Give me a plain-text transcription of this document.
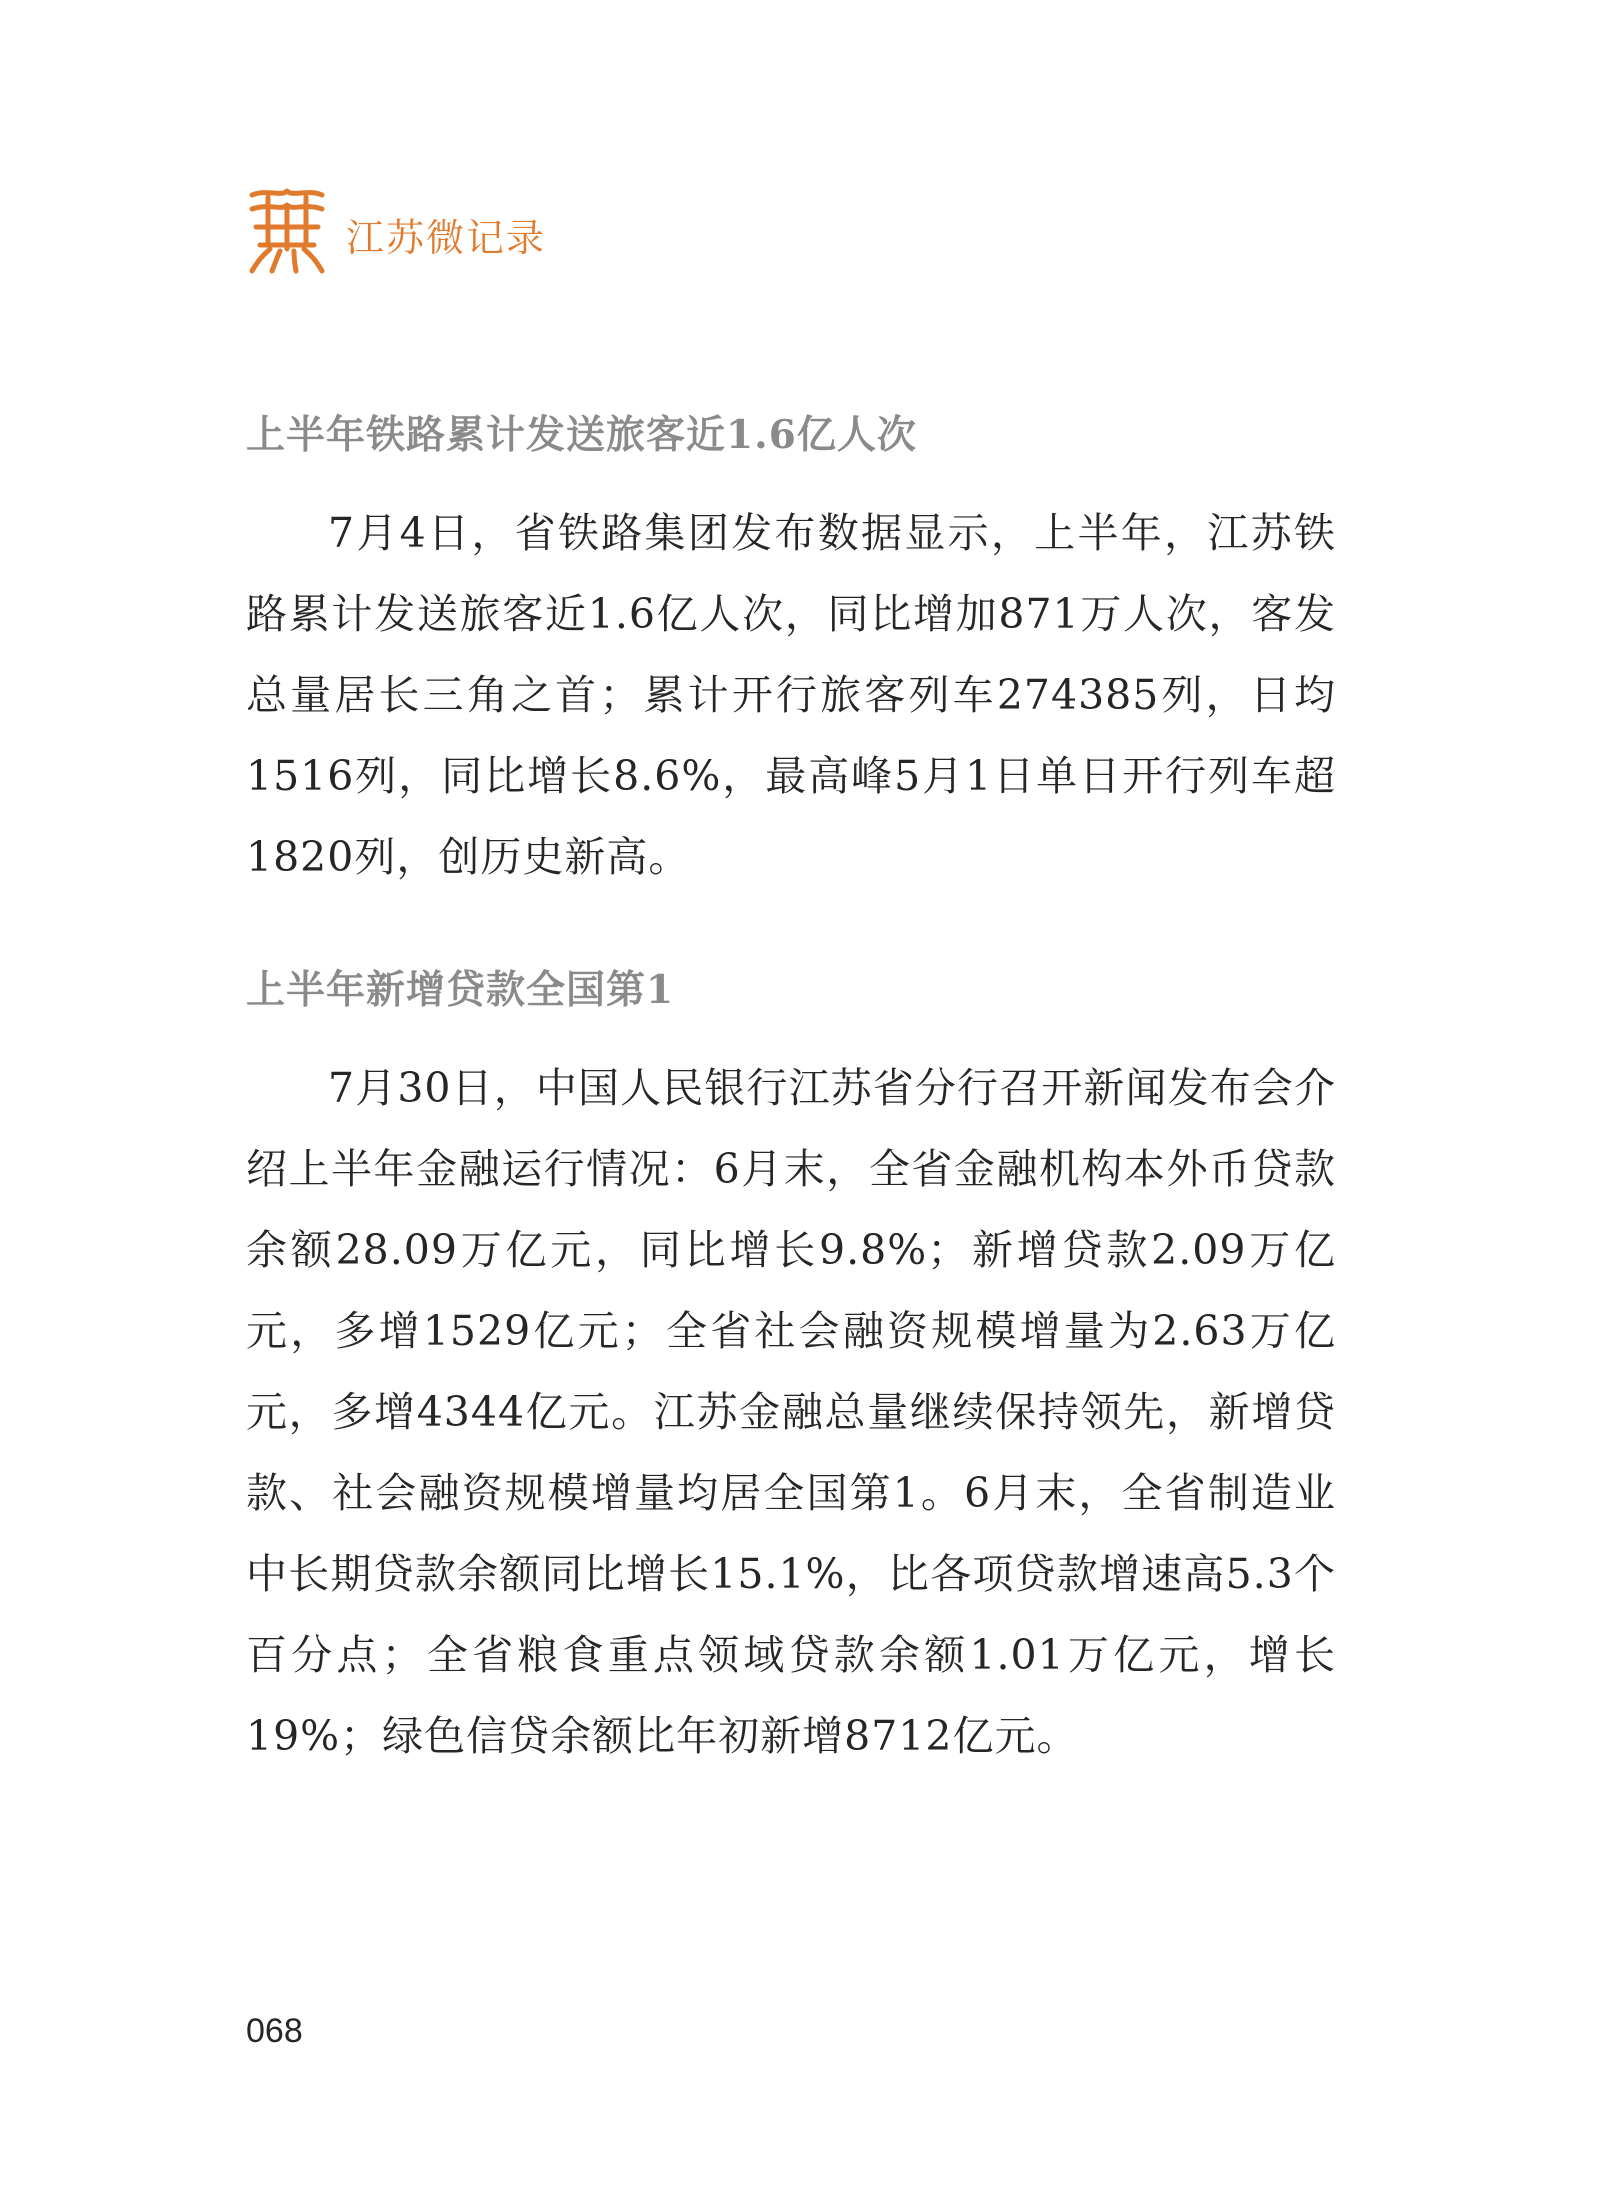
江苏微记录
上半年铁路累计发送旅客近1.6亿人次

7月4日，省铁路集团发布数据显示，上半年，江苏铁路累计发送旅客近1.6亿人次，同比增加871万人次，客发总量居长三角之首；累计开行旅客列车274385列，日均1516列，同比增长8.6%，最高峰5月1日单日开行列车超1820列，创历史新高。

上半年新增贷款全国第1

7月30日，中国人民银行江苏省分行召开新闻发布会介绍上半年金融运行情况：6月末，全省金融机构本外币贷款余额28.09万亿元，同比增长9.8%；新增贷款2.09万亿元，多增1529亿元；全省社会融资规模增量为2.63万亿元，多增4344亿元。江苏金融总量继续保持领先，新增贷款、社会融资规模增量均居全国第1。6月末，全省制造业中长期贷款余额同比增长15.1%，比各项贷款增速高5.3个百分点；全省粮食重点领域贷款余额1.01万亿元，增长19%；绿色信贷余额比年初新增8712亿元。

068
